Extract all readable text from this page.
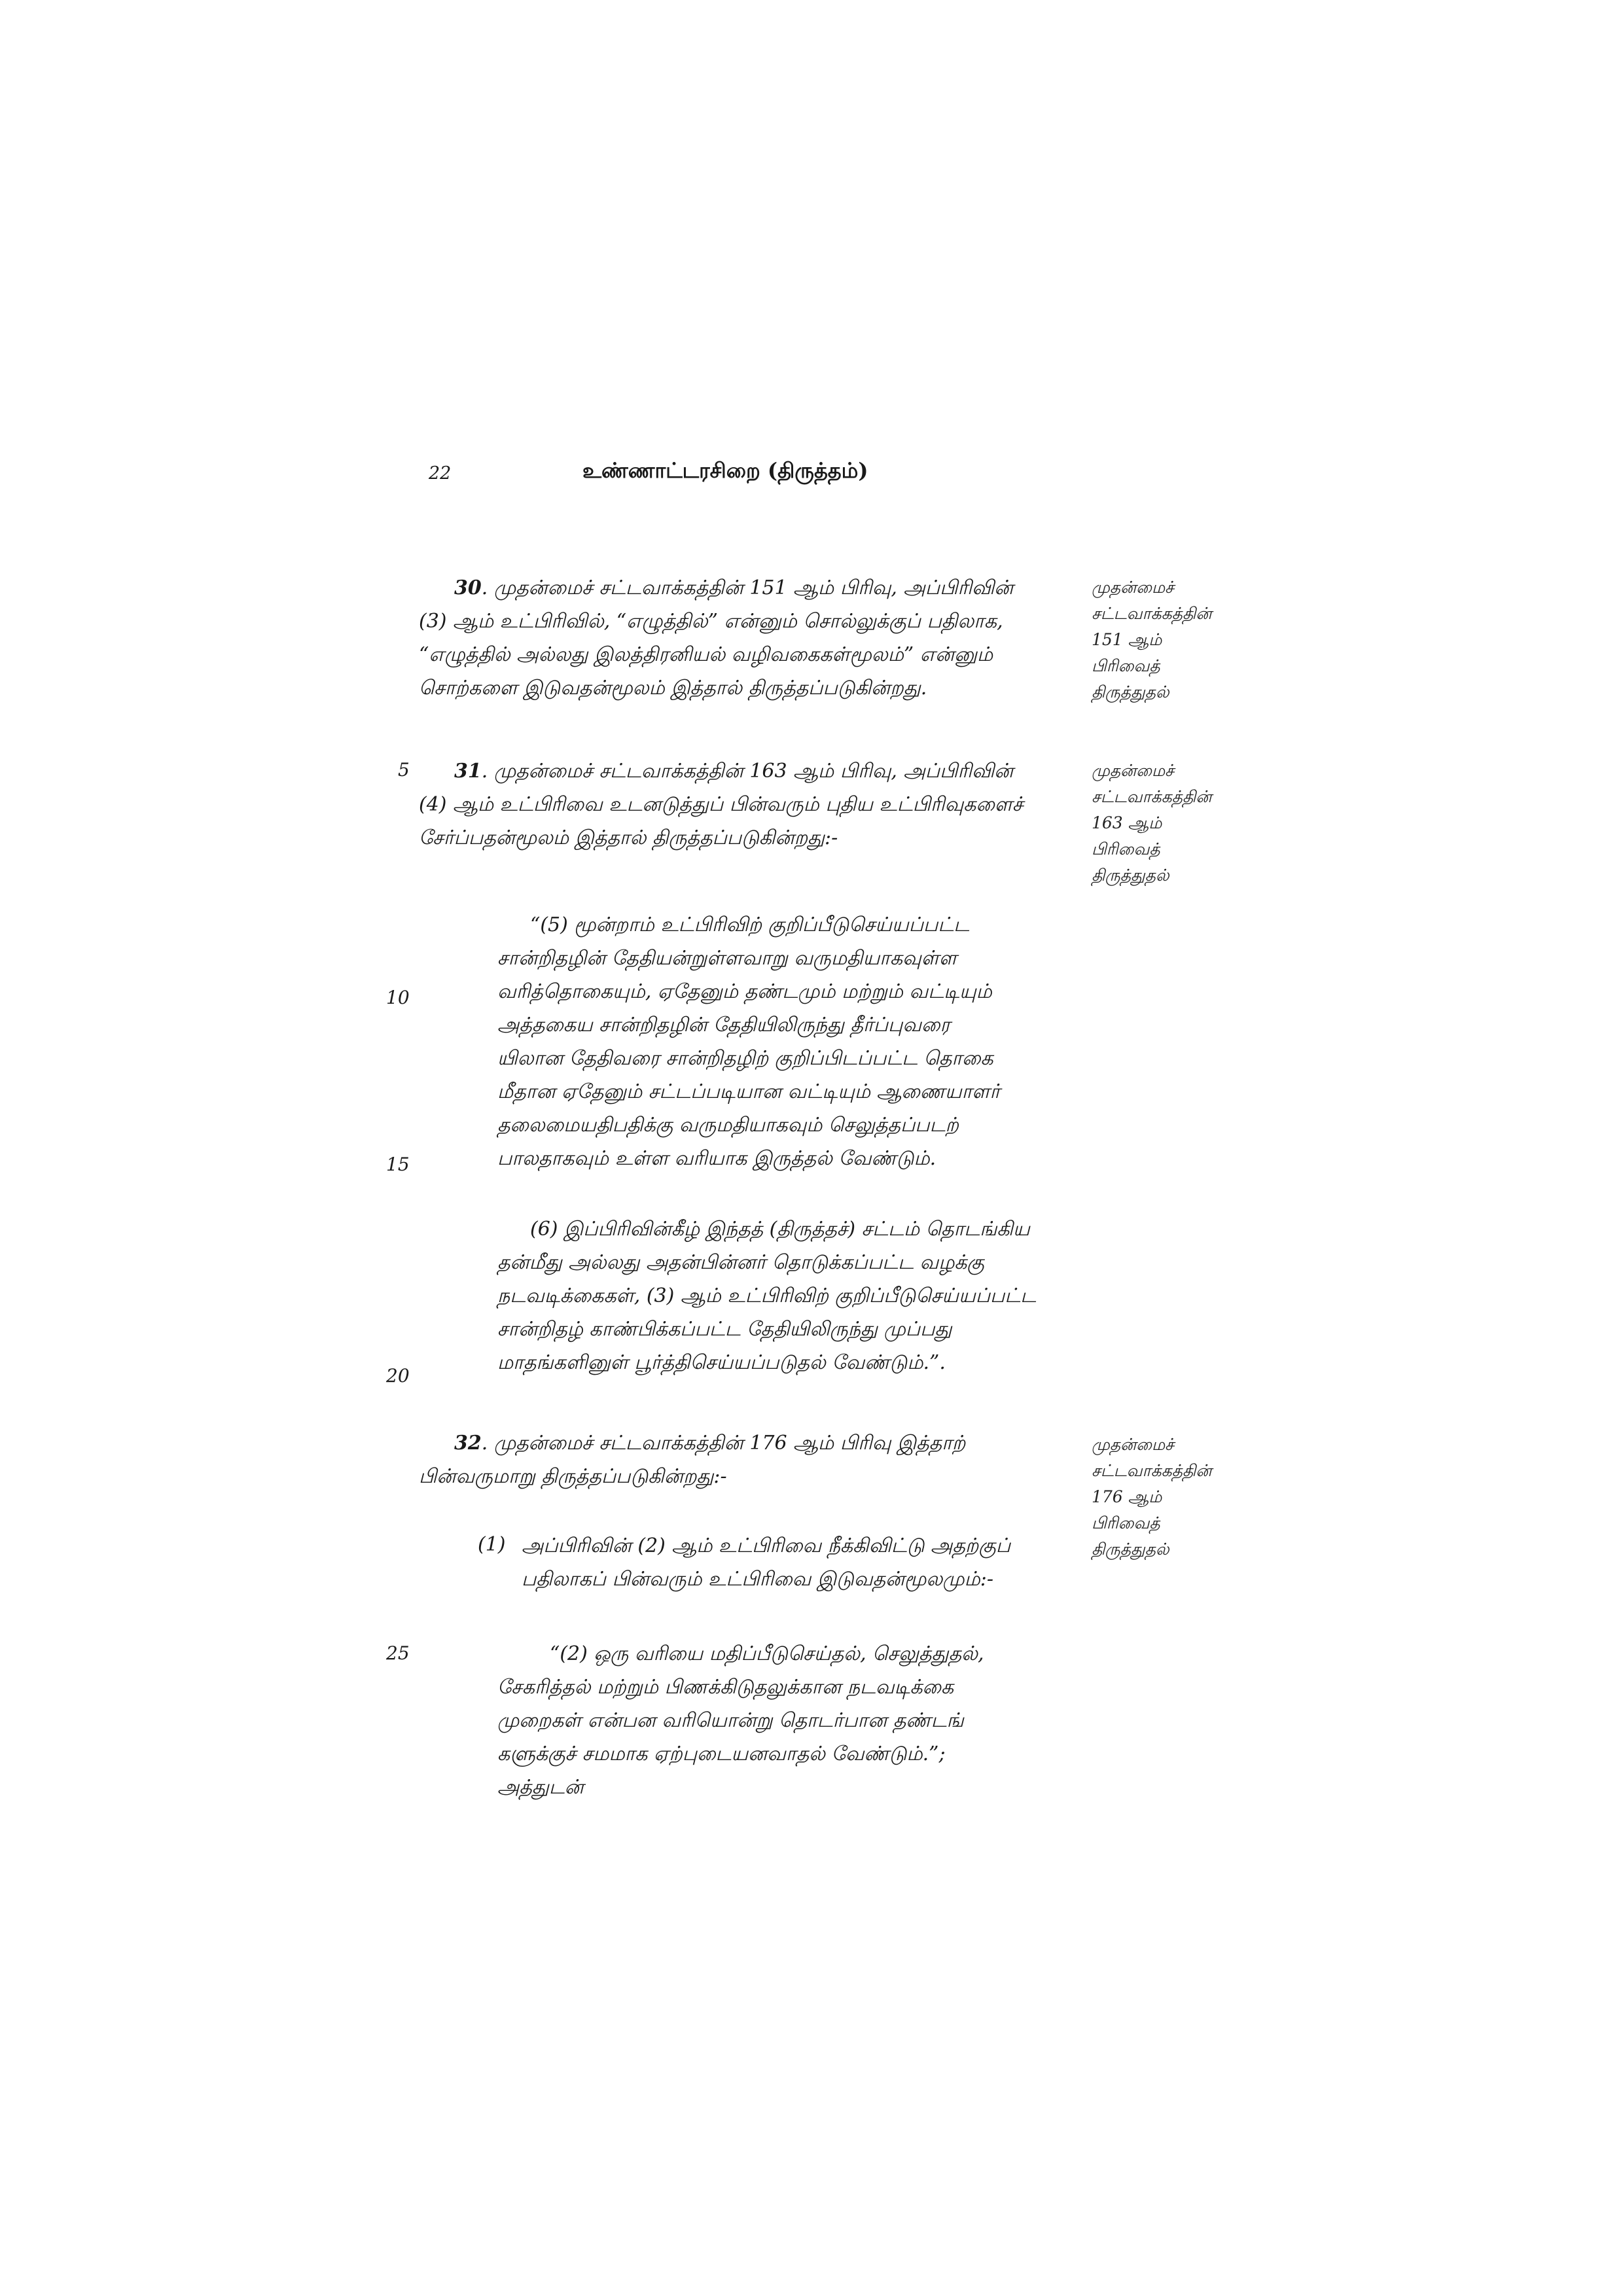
22	உண்ணாட்டரசிறை (திருத்தம்)
5
10
15
20
25
30. முதன்மைச் சட்டவாக்கத்தின் 151 ஆம் பிரிவு, அப்பிரிவின்
(3) ஆம் உட்பிரிவில், “எழுத்தில்” என்னும் சொல்லுக்குப் பதிலாக,
“எழுத்தில் அல்லது இலத்திரனியல் வழிவகைகள்மூலம்” என்னும்
சொற்களை இடுவதன்மூலம் இத்தால் திருத்தப்படுகின்றது.
முதன்மைச்
சட்டவாக்கத்தின்
151 ஆம்
பிரிவைத்
திருத்துதல்
31. முதன்மைச் சட்டவாக்கத்தின் 163 ஆம் பிரிவு, அப்பிரிவின்
(4) ஆம் உட்பிரிவை உடனடுத்துப் பின்வரும் புதிய உட்பிரிவுகளைச்
சேர்ப்பதன்மூலம் இத்தால் திருத்தப்படுகின்றது:-
முதன்மைச்
சட்டவாக்கத்தின்
163 ஆம்
பிரிவைத்
திருத்துதல்
“(5) மூன்றாம் உட்பிரிவிற் குறிப்பீடுசெய்யப்பட்ட
சான்றிதழின் தேதியன்றுள்ளவாறு வருமதியாகவுள்ள
வரித்தொகையும், ஏதேனும் தண்டமும் மற்றும் வட்டியும்
அத்தகைய சான்றிதழின் தேதியிலிருந்து தீர்ப்புவரை
யிலான தேதிவரை சான்றிதழிற் குறிப்பிடப்பட்ட தொகை
மீதான ஏதேனும் சட்டப்படியான வட்டியும் ஆணையாளர்
தலைமையதிபதிக்கு வருமதியாகவும் செலுத்தப்படற்
பாலதாகவும் உள்ள வரியாக இருத்தல் வேண்டும்.
(6) இப்பிரிவின்கீழ் இந்தத் (திருத்தச்) சட்டம் தொடங்கிய
தன்மீது அல்லது அதன்பின்னர் தொடுக்கப்பட்ட வழக்கு
நடவடிக்கைகள், (3) ஆம் உட்பிரிவிற் குறிப்பீடுசெய்யப்பட்ட
சான்றிதழ் காண்பிக்கப்பட்ட தேதியிலிருந்து முப்பது
மாதங்களினுள் பூர்த்திசெய்யப்படுதல் வேண்டும்.”.
32. முதன்மைச் சட்டவாக்கத்தின் 176 ஆம் பிரிவு இத்தாற்
பின்வருமாறு திருத்தப்படுகின்றது:-
முதன்மைச்
சட்டவாக்கத்தின்
176 ஆம்
பிரிவைத்
திருத்துதல்
(1) அப்பிரிவின் (2) ஆம் உட்பிரிவை நீக்கிவிட்டு அதற்குப்
பதிலாகப் பின்வரும் உட்பிரிவை இடுவதன்மூலமும்:-
“(2) ஒரு வரியை மதிப்பீடுசெய்தல், செலுத்துதல்,
சேகரித்தல் மற்றும் பிணக்கிடுதலுக்கான நடவடிக்கை
முறைகள் என்பன வரியொன்று தொடர்பான தண்டங்
களுக்குச் சமமாக ஏற்புடையனவாதல் வேண்டும்.”;
அத்துடன்
